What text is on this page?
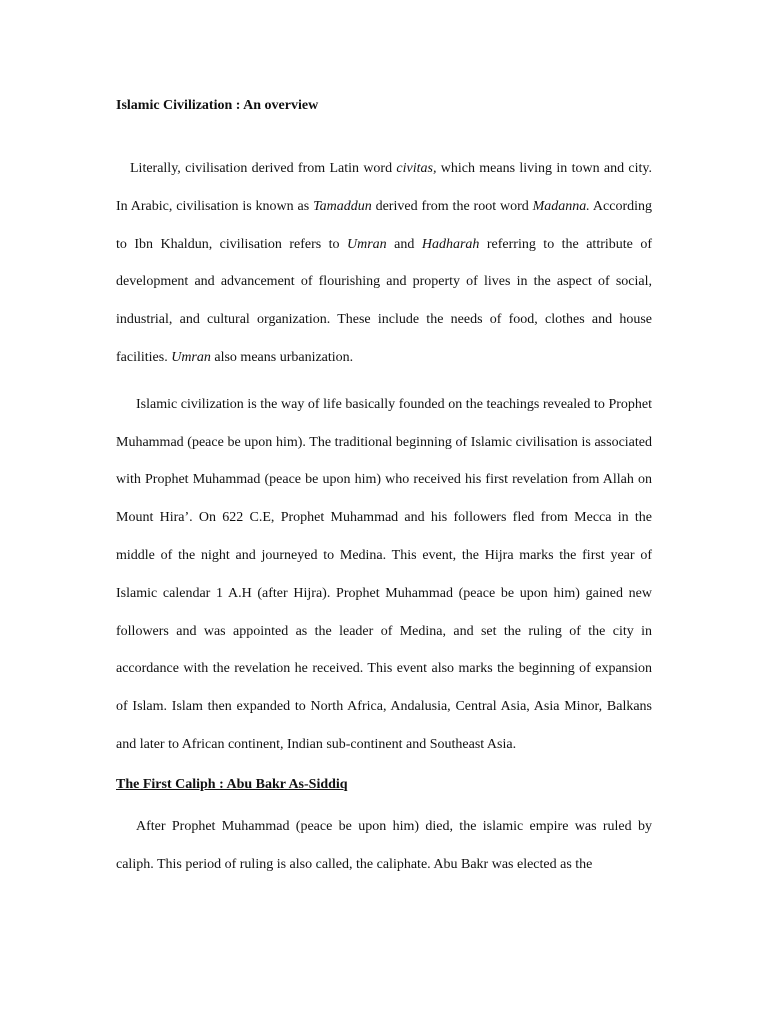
Islamic Civilization : An overview

Literally, civilisation derived from Latin word civitas, which means living in town and city. In Arabic, civilisation is known as Tamaddun derived from the root word Madanna. According to Ibn Khaldun, civilisation refers to Umran and Hadharah referring to the attribute of development and advancement of flourishing and property of lives in the aspect of social, industrial, and cultural organization. These include the needs of food, clothes and house facilities. Umran also means urbanization.

Islamic civilization is the way of life basically founded on the teachings revealed to Prophet Muhammad (peace be upon him). The traditional beginning of Islamic civilisation is associated with Prophet Muhammad (peace be upon him) who received his first revelation from Allah on Mount Hira’. On 622 C.E, Prophet Muhammad and his followers fled from Mecca in the middle of the night and journeyed to Medina. This event, the Hijra marks the first year of Islamic calendar 1 A.H (after Hijra). Prophet Muhammad (peace be upon him) gained new followers and was appointed as the leader of Medina, and set the ruling of the city in accordance with the revelation he received. This event also marks the beginning of expansion of Islam. Islam then expanded to North Africa, Andalusia, Central Asia, Asia Minor, Balkans and later to African continent, Indian sub-continent and Southeast Asia.

The First Caliph : Abu Bakr As-Siddiq

After Prophet Muhammad (peace be upon him) died, the islamic empire was ruled by caliph. This period of ruling is also called, the caliphate. Abu Bakr was elected as the
